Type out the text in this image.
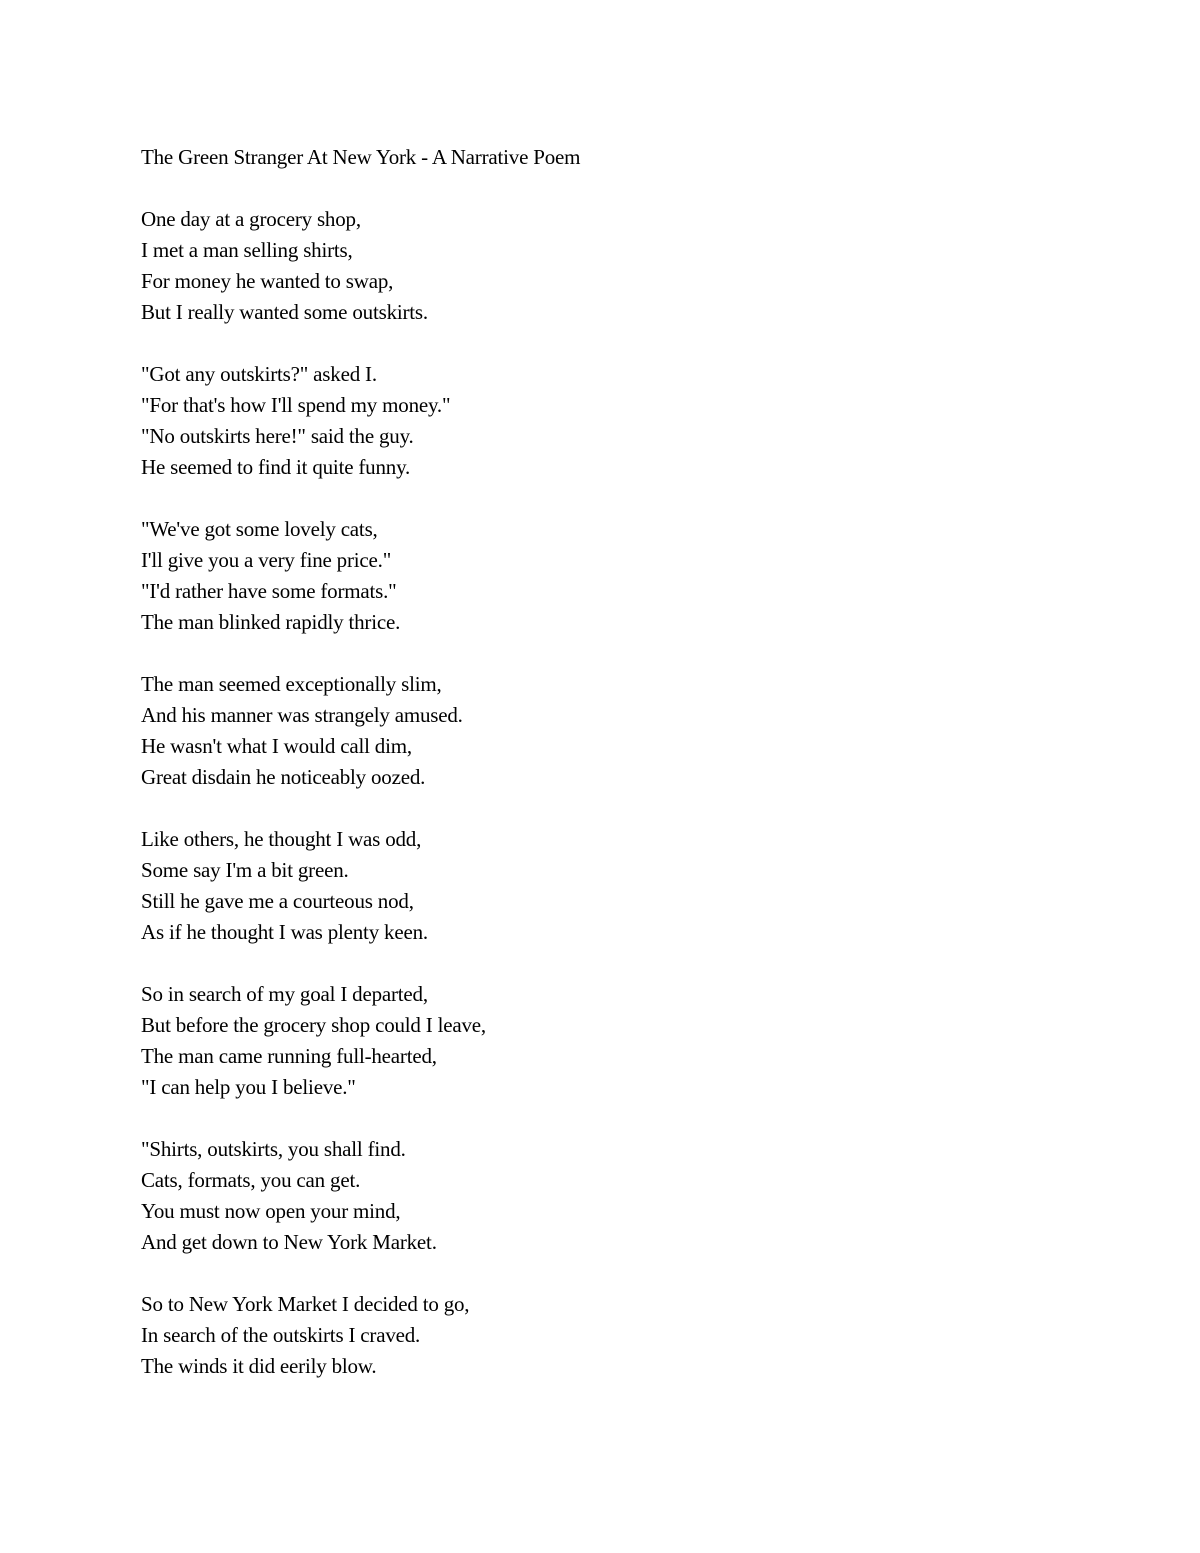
The Green Stranger At New York - A Narrative Poem
One day at a grocery shop,
I met a man selling shirts,
For money he wanted to swap,
But I really wanted some outskirts.
"Got any outskirts?" asked I.
"For that's how I'll spend my money."
"No outskirts here!" said the guy.
He seemed to find it quite funny.
"We've got some lovely cats,
I'll give you a very fine price."
"I'd rather have some formats."
The man blinked rapidly thrice.
The man seemed exceptionally slim,
And his manner was strangely amused.
He wasn't what I would call dim,
Great disdain he noticeably oozed.
Like others, he thought I was odd,
Some say I'm a bit green.
Still he gave me a courteous nod,
As if he thought I was plenty keen.
So in search of my goal I departed,
But before the grocery shop could I leave,
The man came running full-hearted,
"I can help you I believe."
"Shirts, outskirts, you shall find.
Cats, formats, you can get.
You must now open your mind,
And get down to New York Market.
So to New York Market I decided to go,
In search of the outskirts I craved.
The winds it did eerily blow.
